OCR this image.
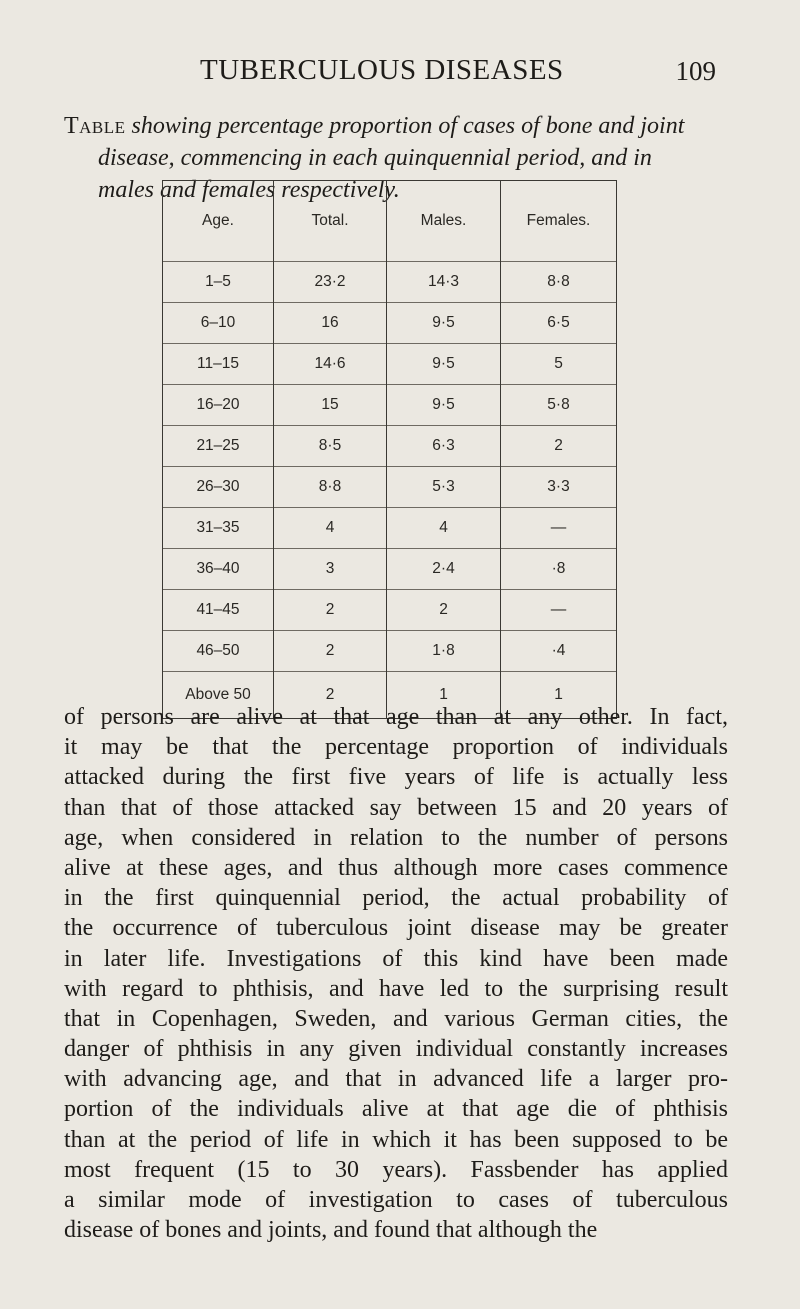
TUBERCULOUS DISEASES	109
Table showing percentage proportion of cases of bone and joint
disease, commencing in each quinquennial period, and in
males and females respectively.
Age.	Total.	Males.	Females.
1–5	23·2	14·3	8·8
6–10	16	9·5	6·5
11–15	14·6	9·5	5
16–20	15	9·5	5·8
21–25	8·5	6·3	2
26–30	8·8	5·3	3·3
31–35	4	4	—
36–40	3	2·4	·8
41–45	2	2	—
46–50	2	1·8	·4
Above 50	2	1	1
of persons are alive at that age than at any other. In fact,
it may be that the percentage proportion of individuals
attacked during the first five years of life is actually less
than that of those attacked say between 15 and 20 years of
age, when considered in relation to the number of persons
alive at these ages, and thus although more cases commence
in the first quinquennial period, the actual probability of
the occurrence of tuberculous joint disease may be greater
in later life. Investigations of this kind have been made
with regard to phthisis, and have led to the surprising result
that in Copenhagen, Sweden, and various German cities, the
danger of phthisis in any given individual constantly increases
with advancing age, and that in advanced life a larger pro-
portion of the individuals alive at that age die of phthisis
than at the period of life in which it has been supposed to be
most frequent (15 to 30 years). Fassbender has applied
a similar mode of investigation to cases of tuberculous
disease of bones and joints, and found that although the
